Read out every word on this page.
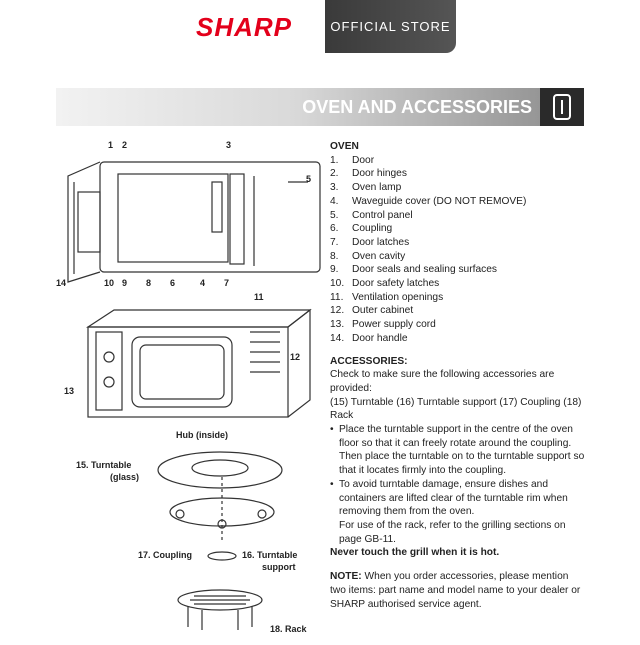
SHARP	OFFICIAL STORE

OVEN AND ACCESSORIES
1 2	3
5
14	10 9 8 6	4 7
11
12
13
Hub (inside)
15. Turntable
(glass)
17. Coupling	16. Turntable
support
18. Rack
OVEN
1.	Door
2.	Door hinges
3.	Oven lamp
4.	Waveguide cover (DO NOT REMOVE)
5.	Control panel
6.	Coupling
7.	Door latches
8.	Oven cavity
9.	Door seals and sealing surfaces
10. Door safety latches
11. Ventilation openings
12. Outer cabinet
13. Power supply cord
14. Door handle
ACCESSORIES:

Check to make sure the following accessories are provided:

(15) Turntable (16) Turntable support (17) Coupling (18) Rack

• Place the turntable support in the centre of the oven floor so that it can freely rotate around the coupling. Then place the turntable on to the turntable support so that it locates firmly into the coupling.
• To avoid turntable damage, ensure dishes and containers are lifted clear of the turntable rim when removing them from the oven.
For use of the rack, refer to the grilling sections on page GB-11.

Never touch the grill when it is hot.

NOTE: When you order accessories, please mention two items: part name and model name to your dealer or SHARP authorised service agent.
